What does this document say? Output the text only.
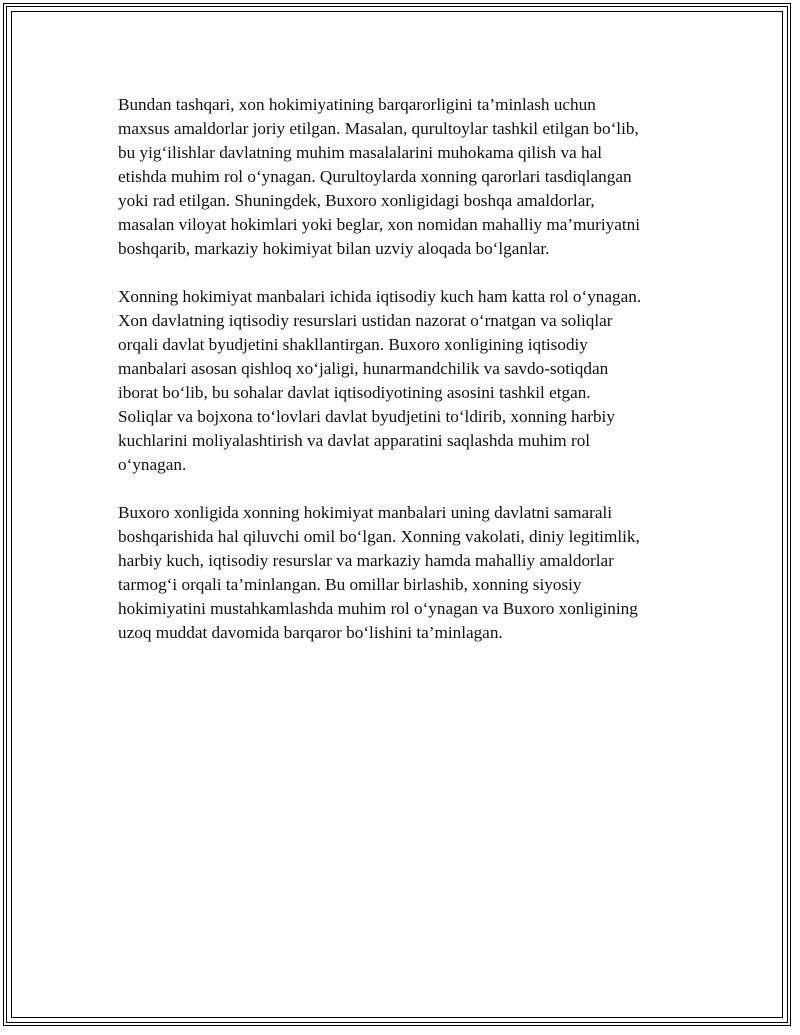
Bundan tashqari, xon hokimiyatining barqarorligini ta’minlash uchun
maxsus amaldorlar joriy etilgan. Masalan, qurultoylar tashkil etilgan bo‘lib,
bu yig‘ilishlar davlatning muhim masalalarini muhokama qilish va hal
etishda muhim rol o‘ynagan. Qurultoylarda xonning qarorlari tasdiqlangan
yoki rad etilgan. Shuningdek, Buxoro xonligidagi boshqa amaldorlar,
masalan viloyat hokimlari yoki beglar, xon nomidan mahalliy ma’muriyatni
boshqarib, markaziy hokimiyat bilan uzviy aloqada bo‘lganlar.

Xonning hokimiyat manbalari ichida iqtisodiy kuch ham katta rol o‘ynagan.
Xon davlatning iqtisodiy resurslari ustidan nazorat o‘rnatgan va soliqlar
orqali davlat byudjetini shakllantirgan. Buxoro xonligining iqtisodiy
manbalari asosan qishloq xo‘jaligi, hunarmandchilik va savdo-sotiqdan
iborat bo‘lib, bu sohalar davlat iqtisodiyotining asosini tashkil etgan.
Soliqlar va bojxona to‘lovlari davlat byudjetini to‘ldirib, xonning harbiy
kuchlarini moliyalashtirish va davlat apparatini saqlashda muhim rol
o‘ynagan.

Buxoro xonligida xonning hokimiyat manbalari uning davlatni samarali
boshqarishida hal qiluvchi omil bo‘lgan. Xonning vakolati, diniy legitimlik,
harbiy kuch, iqtisodiy resurslar va markaziy hamda mahalliy amaldorlar
tarmog‘i orqali ta’minlangan. Bu omillar birlashib, xonning siyosiy
hokimiyatini mustahkamlashda muhim rol o‘ynagan va Buxoro xonligining
uzoq muddat davomida barqaror bo‘lishini ta’minlagan.
